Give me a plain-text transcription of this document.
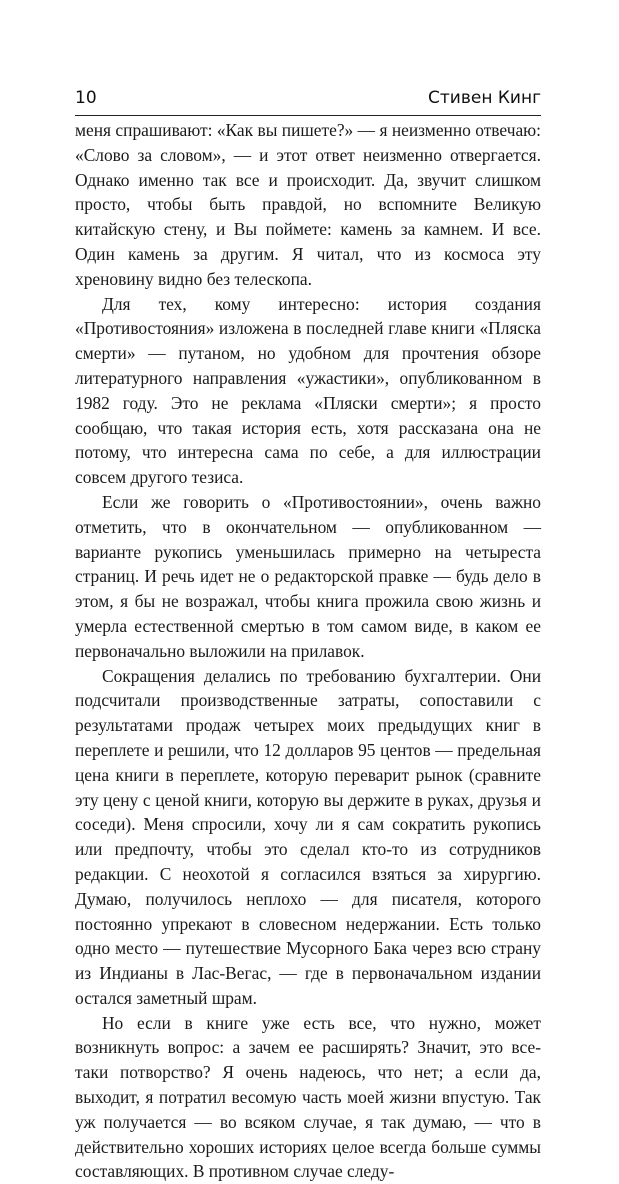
10	Стивен Кинг

меня спрашивают: «Как вы пишете?» — я неизменно отвечаю: «Слово за словом», — и этот ответ неизменно отвергается. Однако именно так все и происходит. Да, звучит слишком просто, чтобы быть правдой, но вспомните Великую китайскую стену, и Вы поймете: камень за камнем. И все. Один камень за другим. Я читал, что из космоса эту хреновину видно без телескопа.

Для тех, кому интересно: история создания «Противостояния» изложена в последней главе книги «Пляска смерти» — путаном, но удобном для прочтения обзоре литературного направления «ужастики», опубликованном в 1982 году. Это не реклама «Пляски смерти»; я просто сообщаю, что такая история есть, хотя рассказана она не потому, что интересна сама по себе, а для иллюстрации совсем другого тезиса.

Если же говорить о «Противостоянии», очень важно отметить, что в окончательном — опубликованном — варианте рукопись уменьшилась примерно на четыреста страниц. И речь идет не о редакторской правке — будь дело в этом, я бы не возражал, чтобы книга прожила свою жизнь и умерла естественной смертью в том самом виде, в каком ее первоначально выложили на прилавок.

Сокращения делались по требованию бухгалтерии. Они подсчитали производственные затраты, сопоставили с результатами продаж четырех моих предыдущих книг в переплете и решили, что 12 долларов 95 центов — предельная цена книги в переплете, которую переварит рынок (сравните эту цену с ценой книги, которую вы держите в руках, друзья и соседи). Меня спросили, хочу ли я сам сократить рукопись или предпочту, чтобы это сделал кто-то из сотрудников редакции. С неохотой я согласился взяться за хирургию. Думаю, получилось неплохо — для писателя, которого постоянно упрекают в словесном недержании. Есть только одно место — путешествие Мусорного Бака через всю страну из Индианы в Лас-Вегас, — где в первоначальном издании остался заметный шрам.

Но если в книге уже есть все, что нужно, может возникнуть вопрос: а зачем ее расширять? Значит, это все-таки потворство? Я очень надеюсь, что нет; а если да, выходит, я потратил весомую часть моей жизни впустую. Так уж получается — во всяком случае, я так думаю, — что в действительно хороших историях целое всегда больше суммы составляющих. В противном случае следу-
